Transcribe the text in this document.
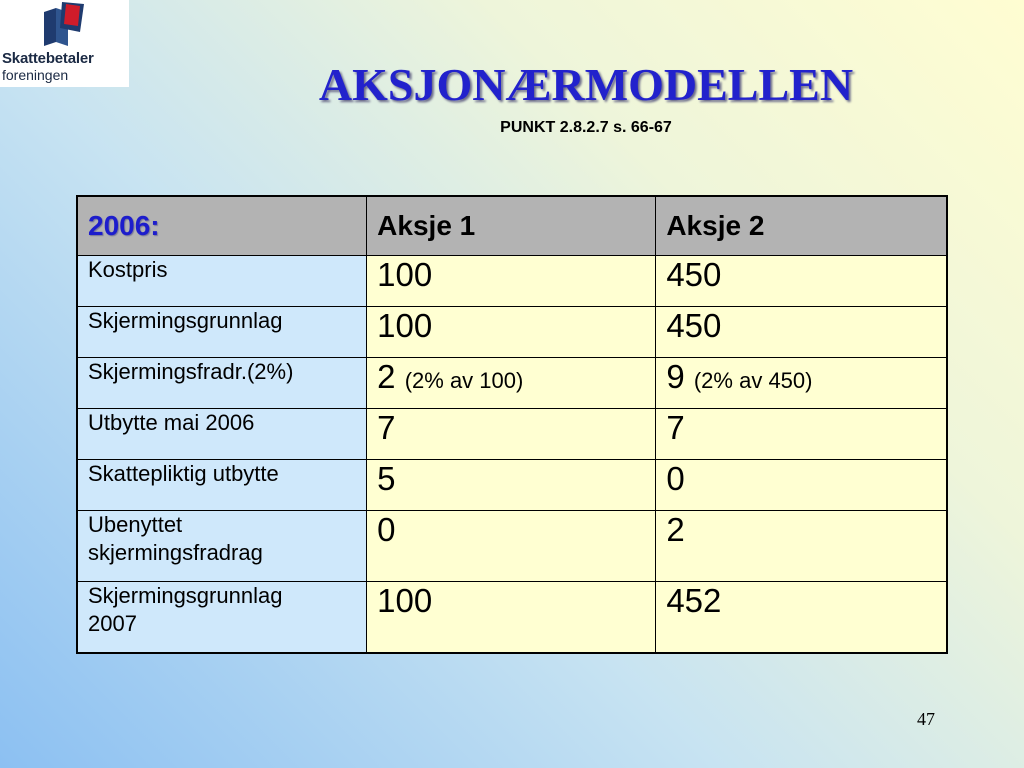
Skattebetaler
foreningen	AKSJONÆRMODELLEN
PUNKT 2.8.2.7 s. 66-67
2006:	Aksje 1	Aksje 2
Kostpris	100	450
Skjermingsgrunnlag	100	450
Skjermingsfradr.(2%)	2 (2% av 100)	9 (2% av 450)
Utbytte mai 2006	7	7
Skattepliktig utbytte	5	0
Ubenyttet
skjermingsfradrag	0	2
Skjermingsgrunnlag
2007	100	452
47
